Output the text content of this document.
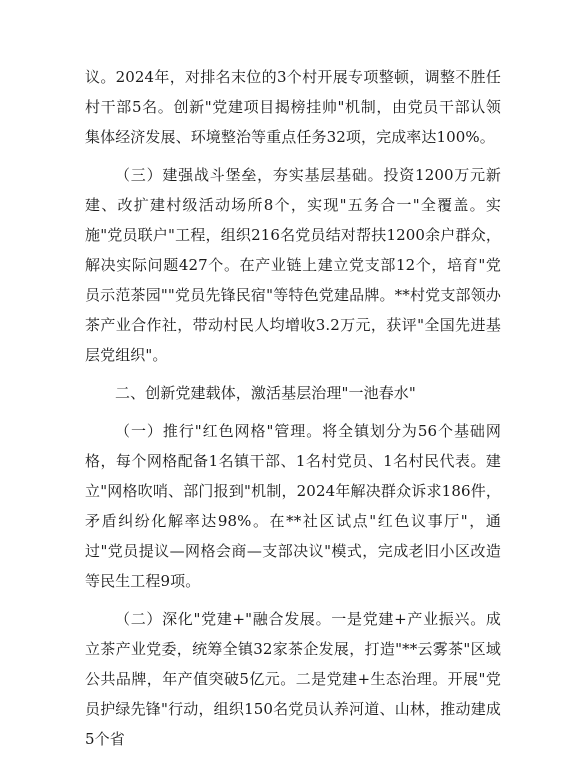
议。2024年，对排名末位的3个村开展专项整顿，调整不胜任村干部5名。创新"党建项目揭榜挂帅"机制，由党员干部认领集体经济发展、环境整治等重点任务32项，完成率达100%。

（三）建强战斗堡垒，夯实基层基础。投资1200万元新建、改扩建村级活动场所8个，实现"五务合一"全覆盖。实施"党员联户"工程，组织216名党员结对帮扶1200余户群众，解决实际问题427个。在产业链上建立党支部12个，培育"党员示范茶园""党员先锋民宿"等特色党建品牌。**村党支部领办茶产业合作社，带动村民人均增收3.2万元，获评"全国先进基层党组织"。

二、创新党建载体，激活基层治理"一池春水"

（一）推行"红色网格"管理。将全镇划分为56个基础网格，每个网格配备1名镇干部、1名村党员、1名村民代表。建立"网格吹哨、部门报到"机制，2024年解决群众诉求186件，矛盾纠纷化解率达98%。在**社区试点"红色议事厅"，通过"党员提议—网格会商—支部决议"模式，完成老旧小区改造等民生工程9项。

（二）深化"党建+"融合发展。一是党建+产业振兴。成立茶产业党委，统筹全镇32家茶企发展，打造"**云雾茶"区域公共品牌，年产值突破5亿元。二是党建+生态治理。开展"党员护绿先锋"行动，组织150名党员认养河道、山林，推动建成5个省
